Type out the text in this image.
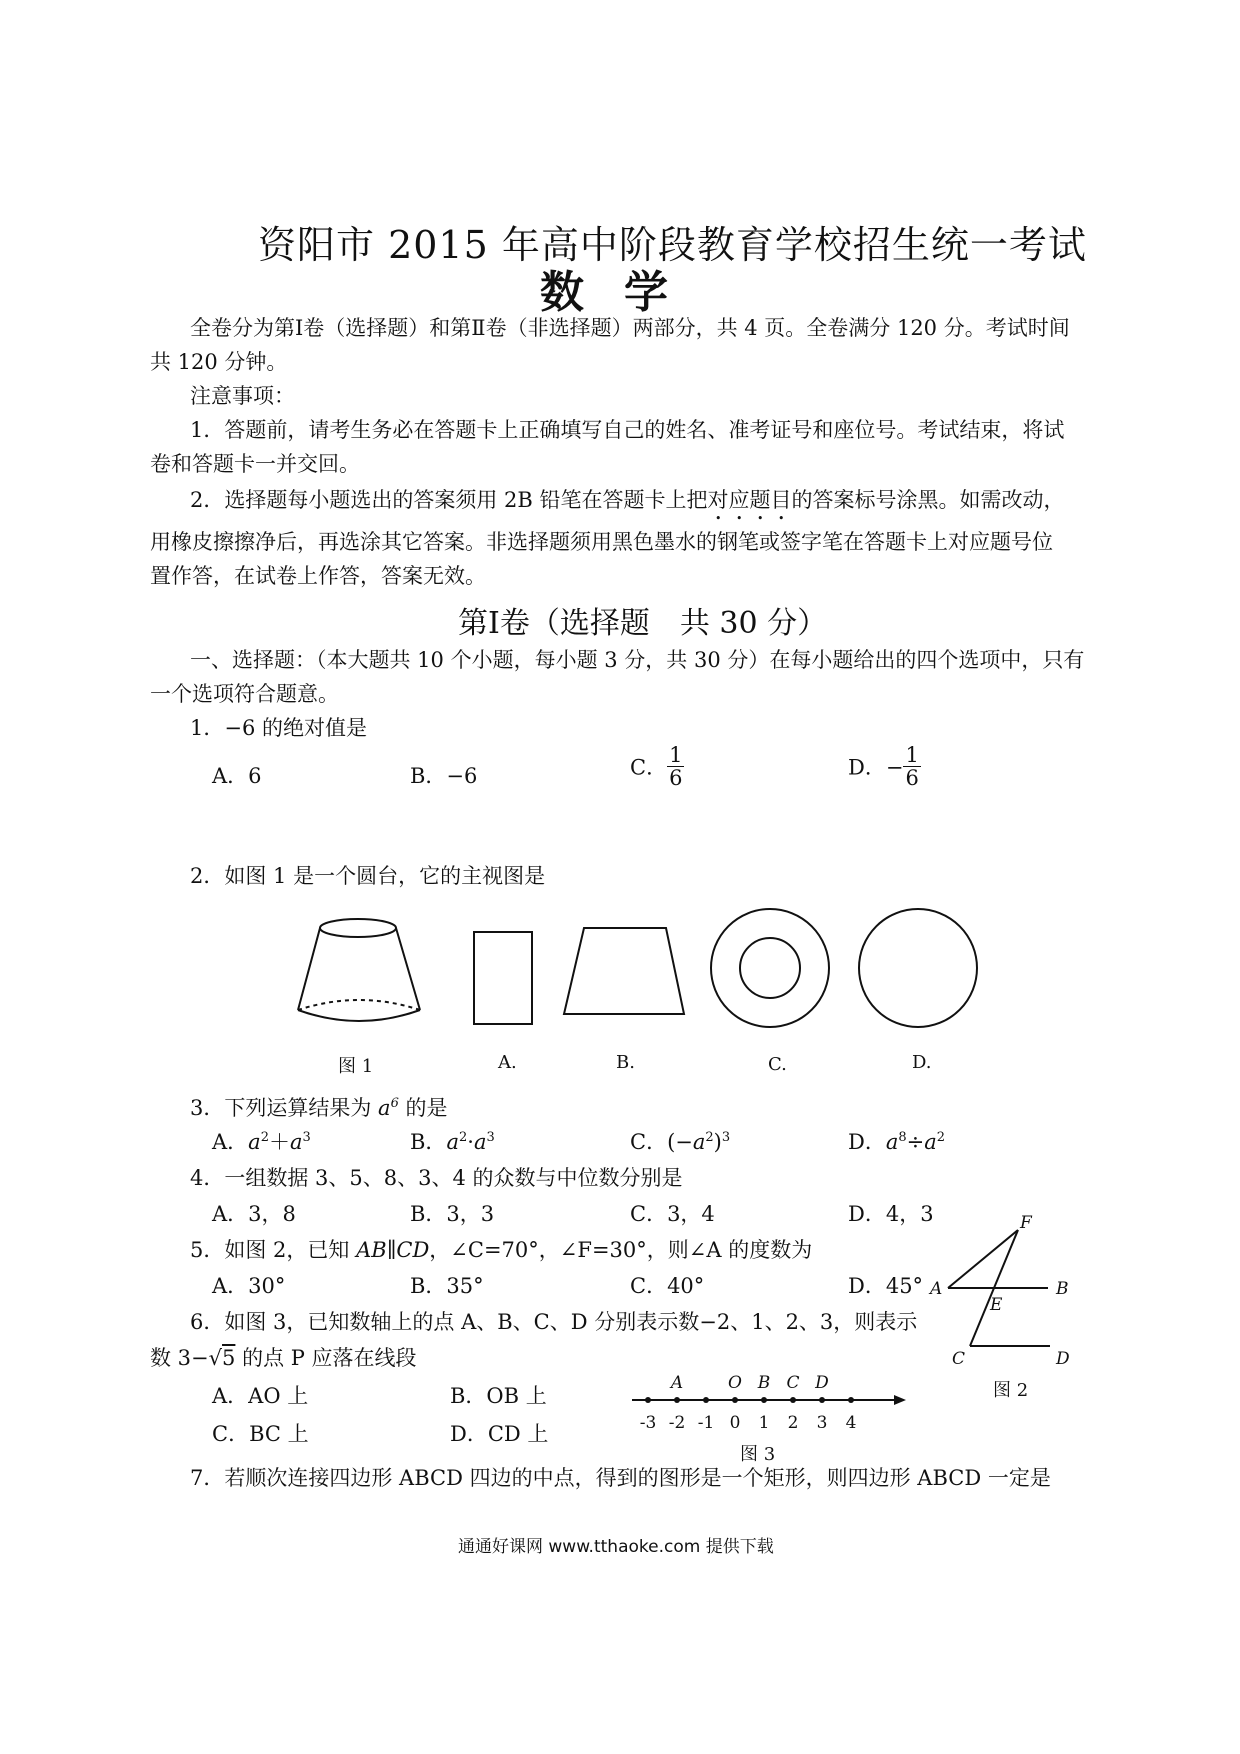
资阳市 2015 年高中阶段教育学校招生统一考试
数学
全卷分为第Ⅰ卷（选择题）和第Ⅱ卷（非选择题）两部分，共 4 页。全卷满分 120 分。考试时间
共 120 分钟。
注意事项：
1．答题前，请考生务必在答题卡上正确填写自己的姓名、准考证号和座位号。考试结束，将试
卷和答题卡一并交回。
2．选择题每小题选出的答案须用 2B 铅笔在答题卡上把对应题目的答案标号涂黑。如需改动，
用橡皮擦擦净后，再选涂其它答案。非选择题须用黑色墨水的钢笔或签字笔在答题卡上对应题号位
置作答，在试卷上作答，答案无效。
第Ⅰ卷（选择题　共 30 分）
一、选择题：（本大题共 10 个小题，每小题 3 分，共 30 分）在每小题给出的四个选项中，只有
一个选项符合题意。
1．−6 的绝对值是
A．6	B．−6	C． $\frac{1}{6}$	D．− $\frac{1}{6}$
2．如图 1 是一个圆台，它的主视图是
图 1	A.	B.	C.	D.
3．下列运算结果为 $a^6$ 的是
A．$a^2+a^3$	B．$a^2\cdot a^3$	C．$(-a^2)^3$	D．$a^8\div a^2$
4．一组数据 3、5、8、3、4 的众数与中位数分别是
A．3，8	B．3，3	C．3，4	D．4，3
5．如图 2，已知 AB∥CD，∠C=70°，∠F=30°，则∠A 的度数为
A．30°	B．35°	C．40°	D．45°
F
A	B
E
C	D
图 2
6．如图 3，已知数轴上的点 A、B、C、D 分别表示数−2、1、2、3，则表示
数 3−√5 的点 P 应落在线段
A．AO 上	B．OB 上
C．BC 上	D．CD 上	-3 -2 -1 0 1 2 3 4
A	O B C D
图 3
7．若顺次连接四边形 ABCD 四边的中点，得到的图形是一个矩形，则四边形 ABCD 一定是
通通好课网 www.tthaoke.com 提供下载
